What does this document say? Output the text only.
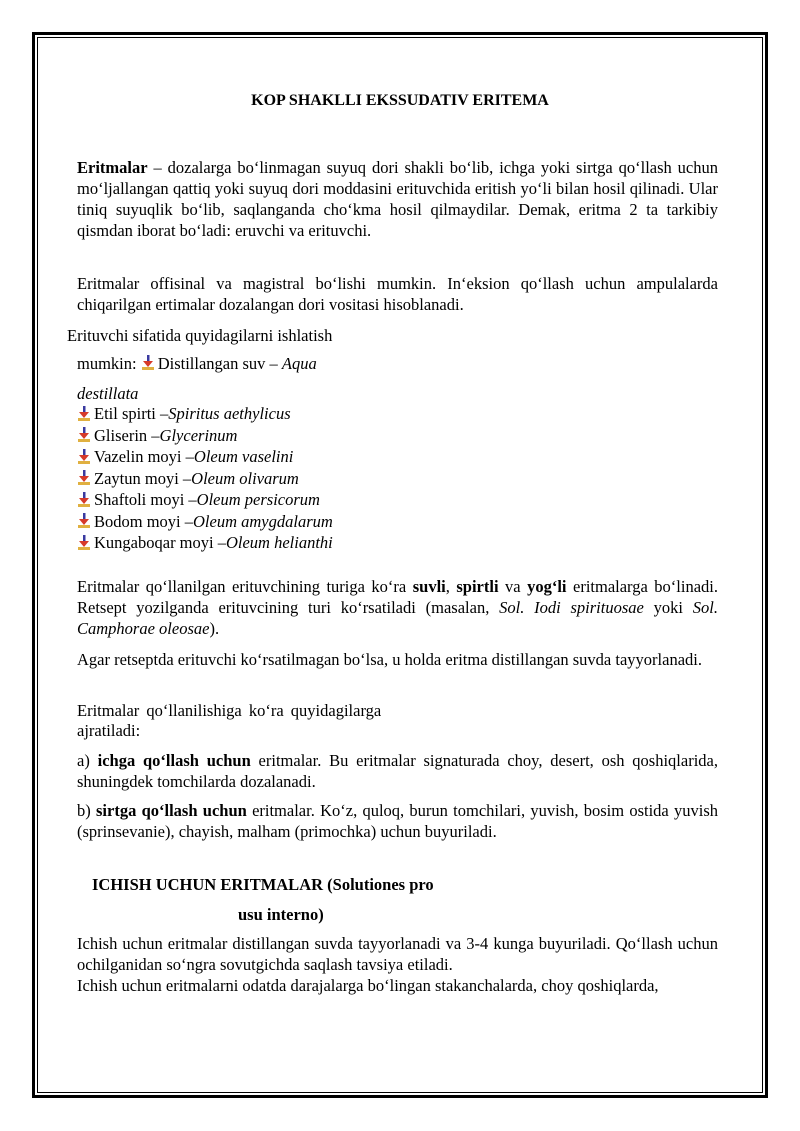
KOP SHAKLLI EKSSUDATIV ERITEMA
Eritmalar – dozalarga bo‘linmagan suyuq dori shakli bo‘lib, ichga yoki sirtga qo‘llash uchun mo‘ljallangan qattiq yoki suyuq dori moddasini erituvchida eritish yo‘li bilan hosil qilinadi. Ular tiniq suyuqlik bo‘lib, saqlanganda cho‘kma hosil qilmaydilar. Demak, eritma 2 ta tarkibiy qismdan iborat bo‘ladi: eruvchi va erituvchi.
Eritmalar offisinal va magistral bo‘lishi mumkin. In‘eksion qo‘llash uchun ampulalarda chiqarilgan ertimalar dozalangan dori vositasi hisoblanadi.
Erituvchi sifatida quyidagilarni ishlatish
mumkin:
Distillangan suv – Aqua
destillata
Etil spirti – Spiritus aethylicus
Gliserin – Glycerinum
Vazelin moyi – Oleum vaselini
Zaytun moyi – Oleum olivarum
Shaftoli moyi – Oleum persicorum
Bodom moyi – Oleum amygdalarum
Kungaboqar moyi – Oleum helianthi
Eritmalar qo‘llanilgan erituvchining turiga ko‘ra suvli, spirtli va yog‘li eritmalarga bo‘linadi. Retsept yozilganda erituvcining turi ko‘rsatiladi (masalan, Sol. Iodi spirituosae yoki Sol. Camphorae oleosae).
Agar retseptda erituvchi ko‘rsatilmagan bo‘lsa, u holda eritma distillangan suvda tayyorlanadi.
Eritmalar qo‘llanilishiga ko‘ra quyidagilarga
ajratiladi:
a) ichga qo‘llash uchun eritmalar. Bu eritmalar signaturada choy, desert, osh qoshiqlarida, shuningdek tomchilarda dozalanadi.
b) sirtga qo‘llash uchun eritmalar. Ko‘z, quloq, burun tomchilari, yuvish, bosim ostida yuvish (sprinsevanie), chayish, malham (primochka) uchun buyuriladi.
ICHISH UCHUN ERITMALAR (Solutiones pro
usu interno)
Ichish uchun eritmalar distillangan suvda tayyorlanadi va 3-4 kunga buyuriladi. Qo‘llash uchun ochilganidan so‘ngra sovutgichda saqlash tavsiya etiladi.
Ichish uchun eritmalarni odatda darajalarga bo‘lingan stakanchalarda, choy qoshiqlarda,
